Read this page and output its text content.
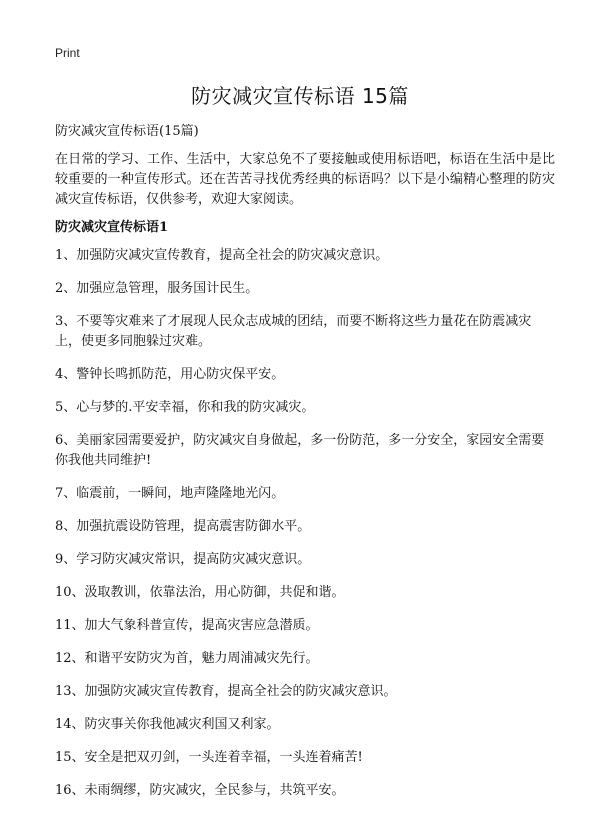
Print
防灾减灾宣传标语 15篇
防灾减灾宣传标语(15篇)

在日常的学习、工作、生活中，大家总免不了要接触或使用标语吧，标语在生活中是比较重要的一种宣传形式。还在苦苦寻找优秀经典的标语吗？以下是小编精心整理的防灾减灾宣传标语，仅供参考，欢迎大家阅读。

防灾减灾宣传标语1
1、加强防灾减灾宣传教育，提高全社会的防灾减灾意识。
2、加强应急管理，服务国计民生。
3、不要等灾难来了才展现人民众志成城的团结，而要不断将这些力量花在防震减灾上，使更多同胞躲过灾难。
4、警钟长鸣抓防范，用心防灾保平安。
5、心与梦的.平安幸福，你和我的防灾减灾。
6、美丽家园需要爱护，防灾减灾自身做起，多一份防范，多一分安全，家园安全需要你我他共同维护!
7、临震前，一瞬间，地声隆隆地光闪。
8、加强抗震设防管理，提高震害防御水平。
9、学习防灾减灾常识，提高防灾减灾意识。
10、汲取教训，依靠法治，用心防御，共促和谐。
11、加大气象科普宣传，提高灾害应急潜质。
12、和谐平安防灾为首，魅力周浦减灾先行。
13、加强防灾减灾宣传教育，提高全社会的防灾减灾意识。
14、防灾事关你我他减灾利国又利家。
15、安全是把双刃剑，一头连着幸福，一头连着痛苦!
16、未雨绸缪，防灾减灾，全民参与，共筑平安。
